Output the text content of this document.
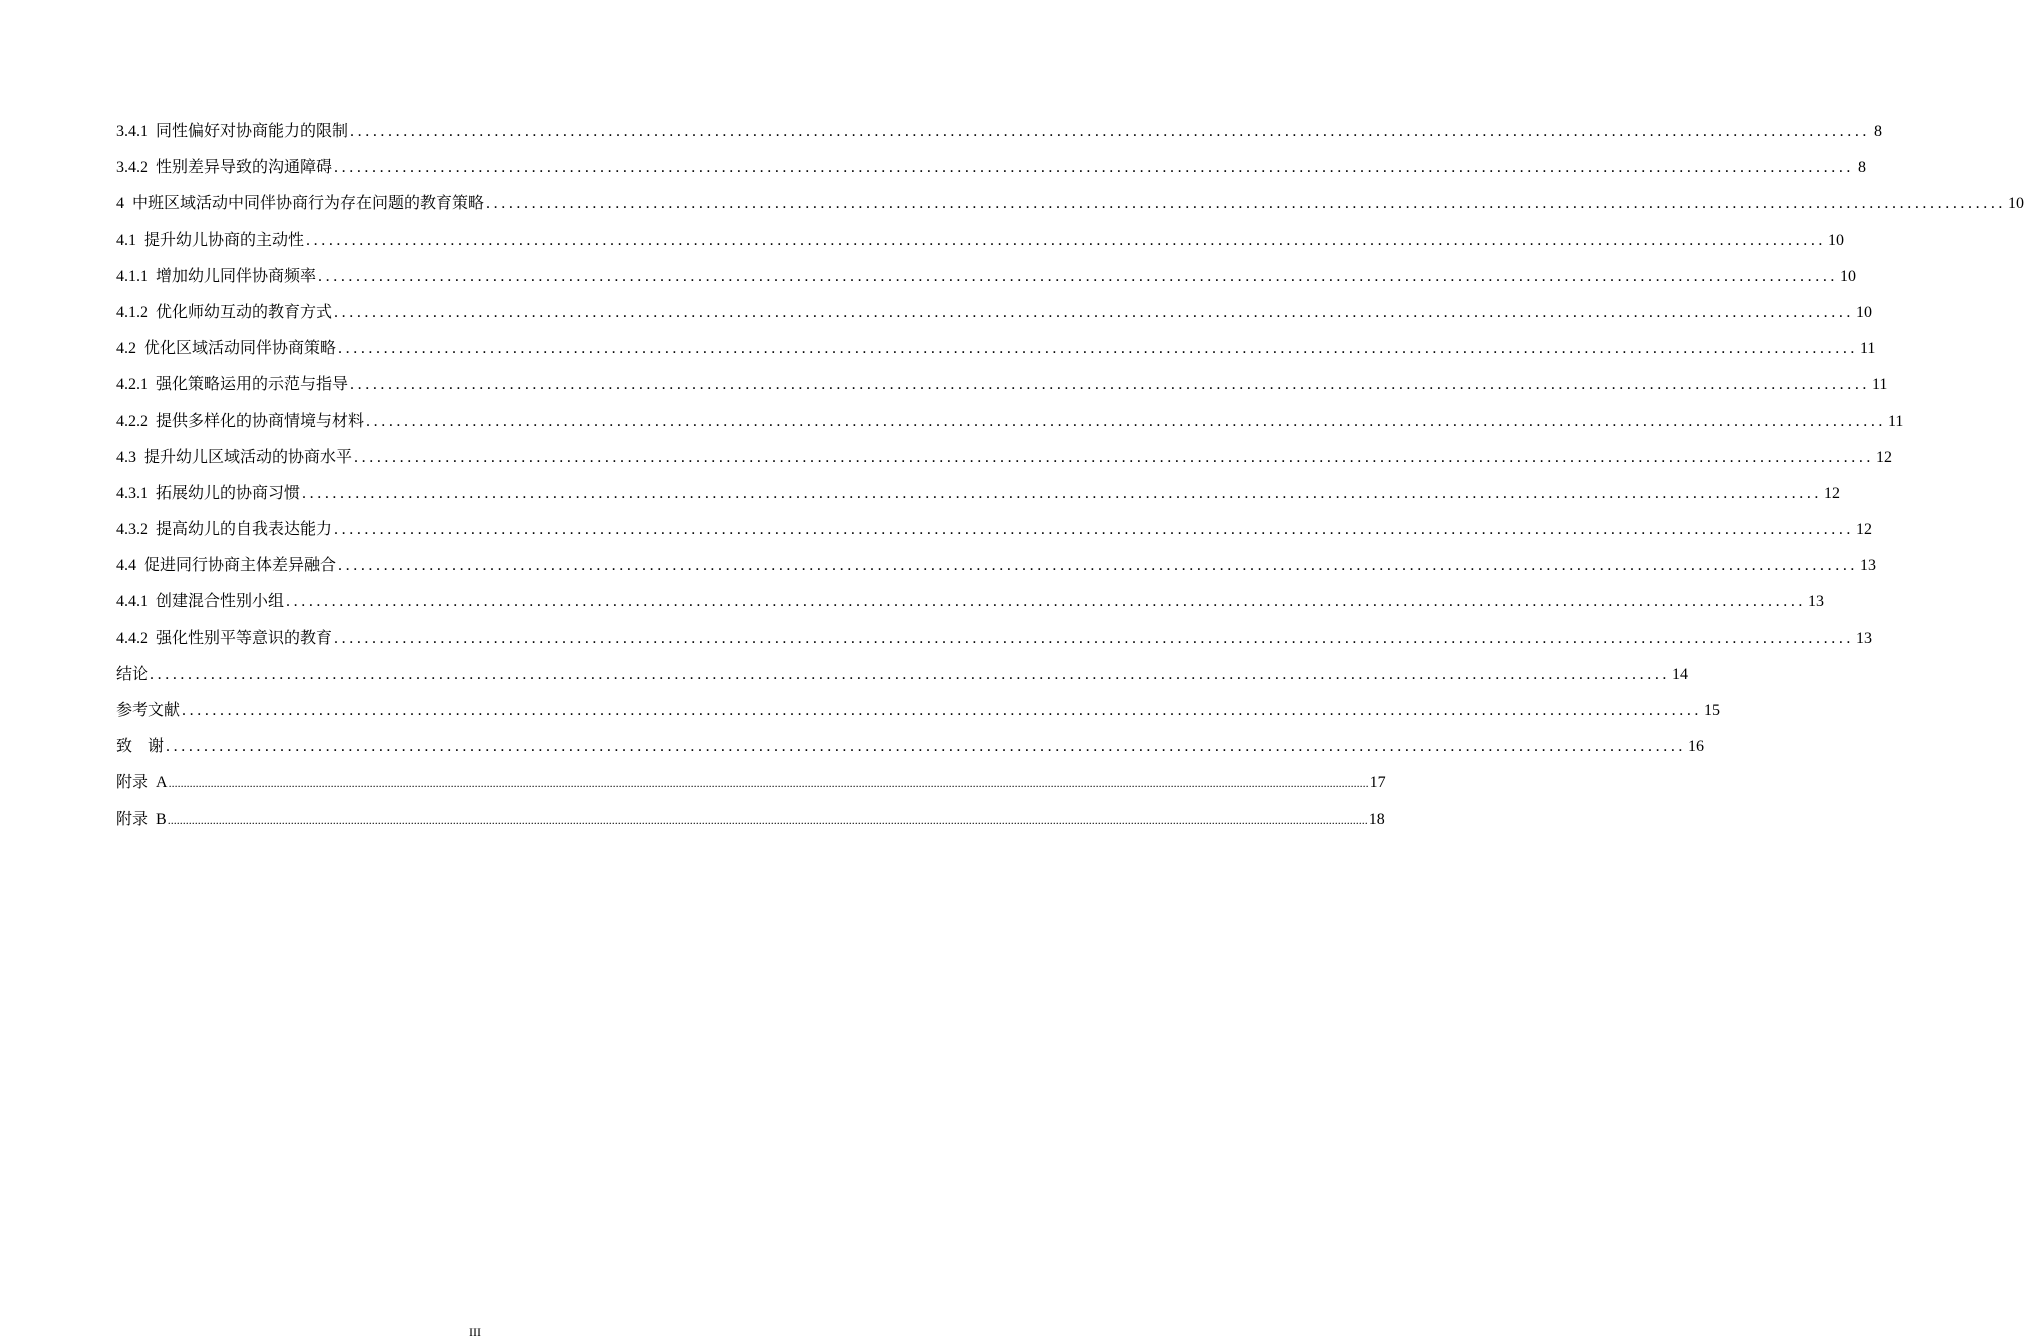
3.4.1  同性偏好对协商能力的限制 ........................................................................................................................................................................................................ 8
3.4.2  性别差异导致的沟通障碍 ........................................................................................................................................................................................................ 8
4  中班区域活动中同伴协商行为存在问题的教育策略 ........................................................................................................................................................................................................ 10
4.1  提升幼儿协商的主动性 ........................................................................................................................................................................................................ 10
4.1.1  增加幼儿同伴协商频率 ........................................................................................................................................................................................................ 10
4.1.2  优化师幼互动的教育方式 ........................................................................................................................................................................................................ 10
4.2  优化区域活动同伴协商策略 ........................................................................................................................................................................................................ 11
4.2.1  强化策略运用的示范与指导 ........................................................................................................................................................................................................ 11
4.2.2  提供多样化的协商情境与材料 ........................................................................................................................................................................................................ 11
4.3  提升幼儿区域活动的协商水平 ........................................................................................................................................................................................................ 12
4.3.1  拓展幼儿的协商习惯 ........................................................................................................................................................................................................ 12
4.3.2  提高幼儿的自我表达能力 ........................................................................................................................................................................................................ 12
4.4  促进同行协商主体差异融合 ........................................................................................................................................................................................................ 13
4.4.1  创建混合性别小组 ........................................................................................................................................................................................................ 13
4.4.2  强化性别平等意识的教育 ........................................................................................................................................................................................................ 13
结论 ........................................................................................................................................................................................................ 14
参考文献 ........................................................................................................................................................................................................ 15
致    谢 ........................................................................................................................................................................................................ 16
附录  A ................................................................................................................................................................................................................................................................................................................................................................................................................ 17
附录  B ................................................................................................................................................................................................................................................................................................................................................................................................................ 18
III
